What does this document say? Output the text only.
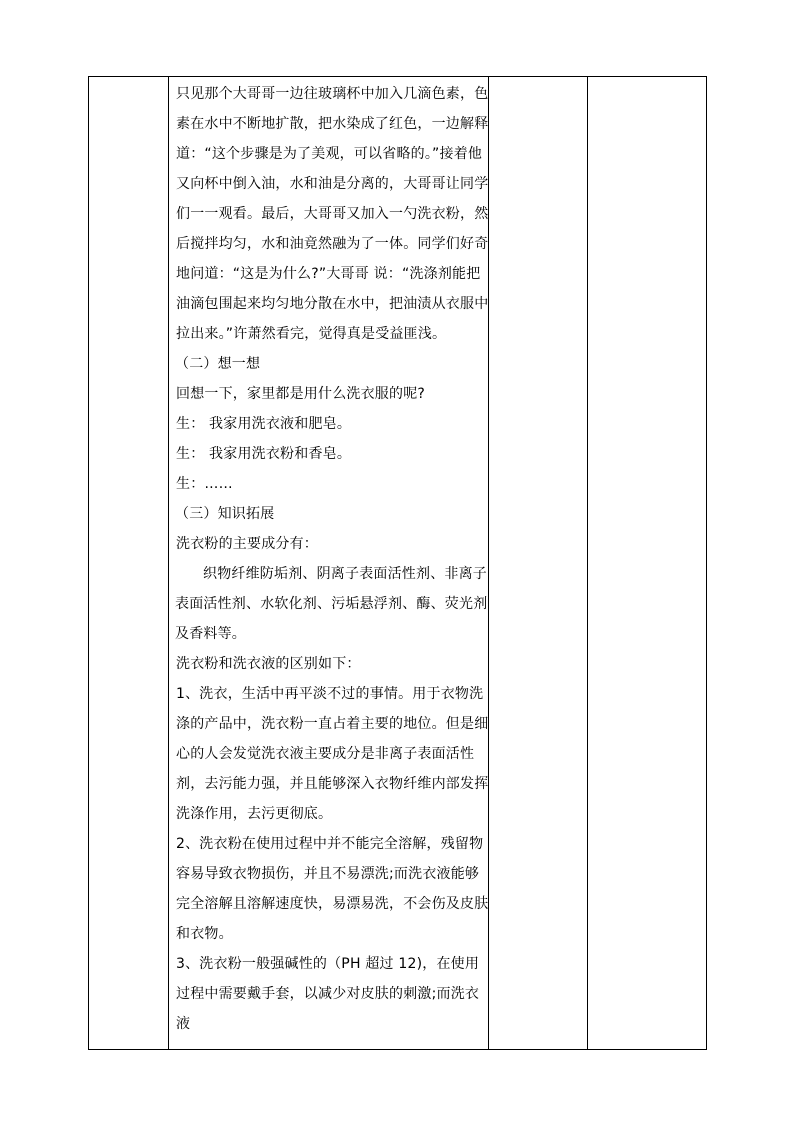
只见那个大哥哥一边往玻璃杯中加入几滴色素，色素在水中不断地扩散，把水染成了红色，一边解释道：“这个步骤是为了美观，可以省略的。”接着他又向杯中倒入油，水和油是分离的，大哥哥让同学们一一观看。最后，大哥哥又加入一勺洗衣粉，然后搅拌均匀，水和油竟然融为了一体。同学们好奇地问道：“这是为什么?”大哥哥 说：“洗涤剂能把油滴包围起来均匀地分散在水中，把油渍从衣服中拉出来。”许萧然看完，觉得真是受益匪浅。
（二）想一想
回想一下，家里都是用什么洗衣服的呢?
生： 我家用洗衣液和肥皂。
生： 我家用洗衣粉和香皂。
生：……
（三）知识拓展
洗衣粉的主要成分有：
织物纤维防垢剂、阴离子表面活性剂、非离子表面活性剂、水软化剂、污垢悬浮剂、酶、荧光剂及香料等。
洗衣粉和洗衣液的区别如下：
1、洗衣，生活中再平淡不过的事情。用于衣物洗涤的产品中，洗衣粉一直占着主要的地位。但是细心的人会发觉洗衣液主要成分是非离子表面活性剂，去污能力强，并且能够深入衣物纤维内部发挥洗涤作用，去污更彻底。
2、洗衣粉在使用过程中并不能完全溶解，残留物容易导致衣物损伤，并且不易漂洗;而洗衣液能够完全溶解且溶解速度快，易漂易洗，不会伤及皮肤和衣物。
3、洗衣粉一般强碱性的（PH 超过 12)，在使用过程中需要戴手套，以减少对皮肤的刺激;而洗衣液
